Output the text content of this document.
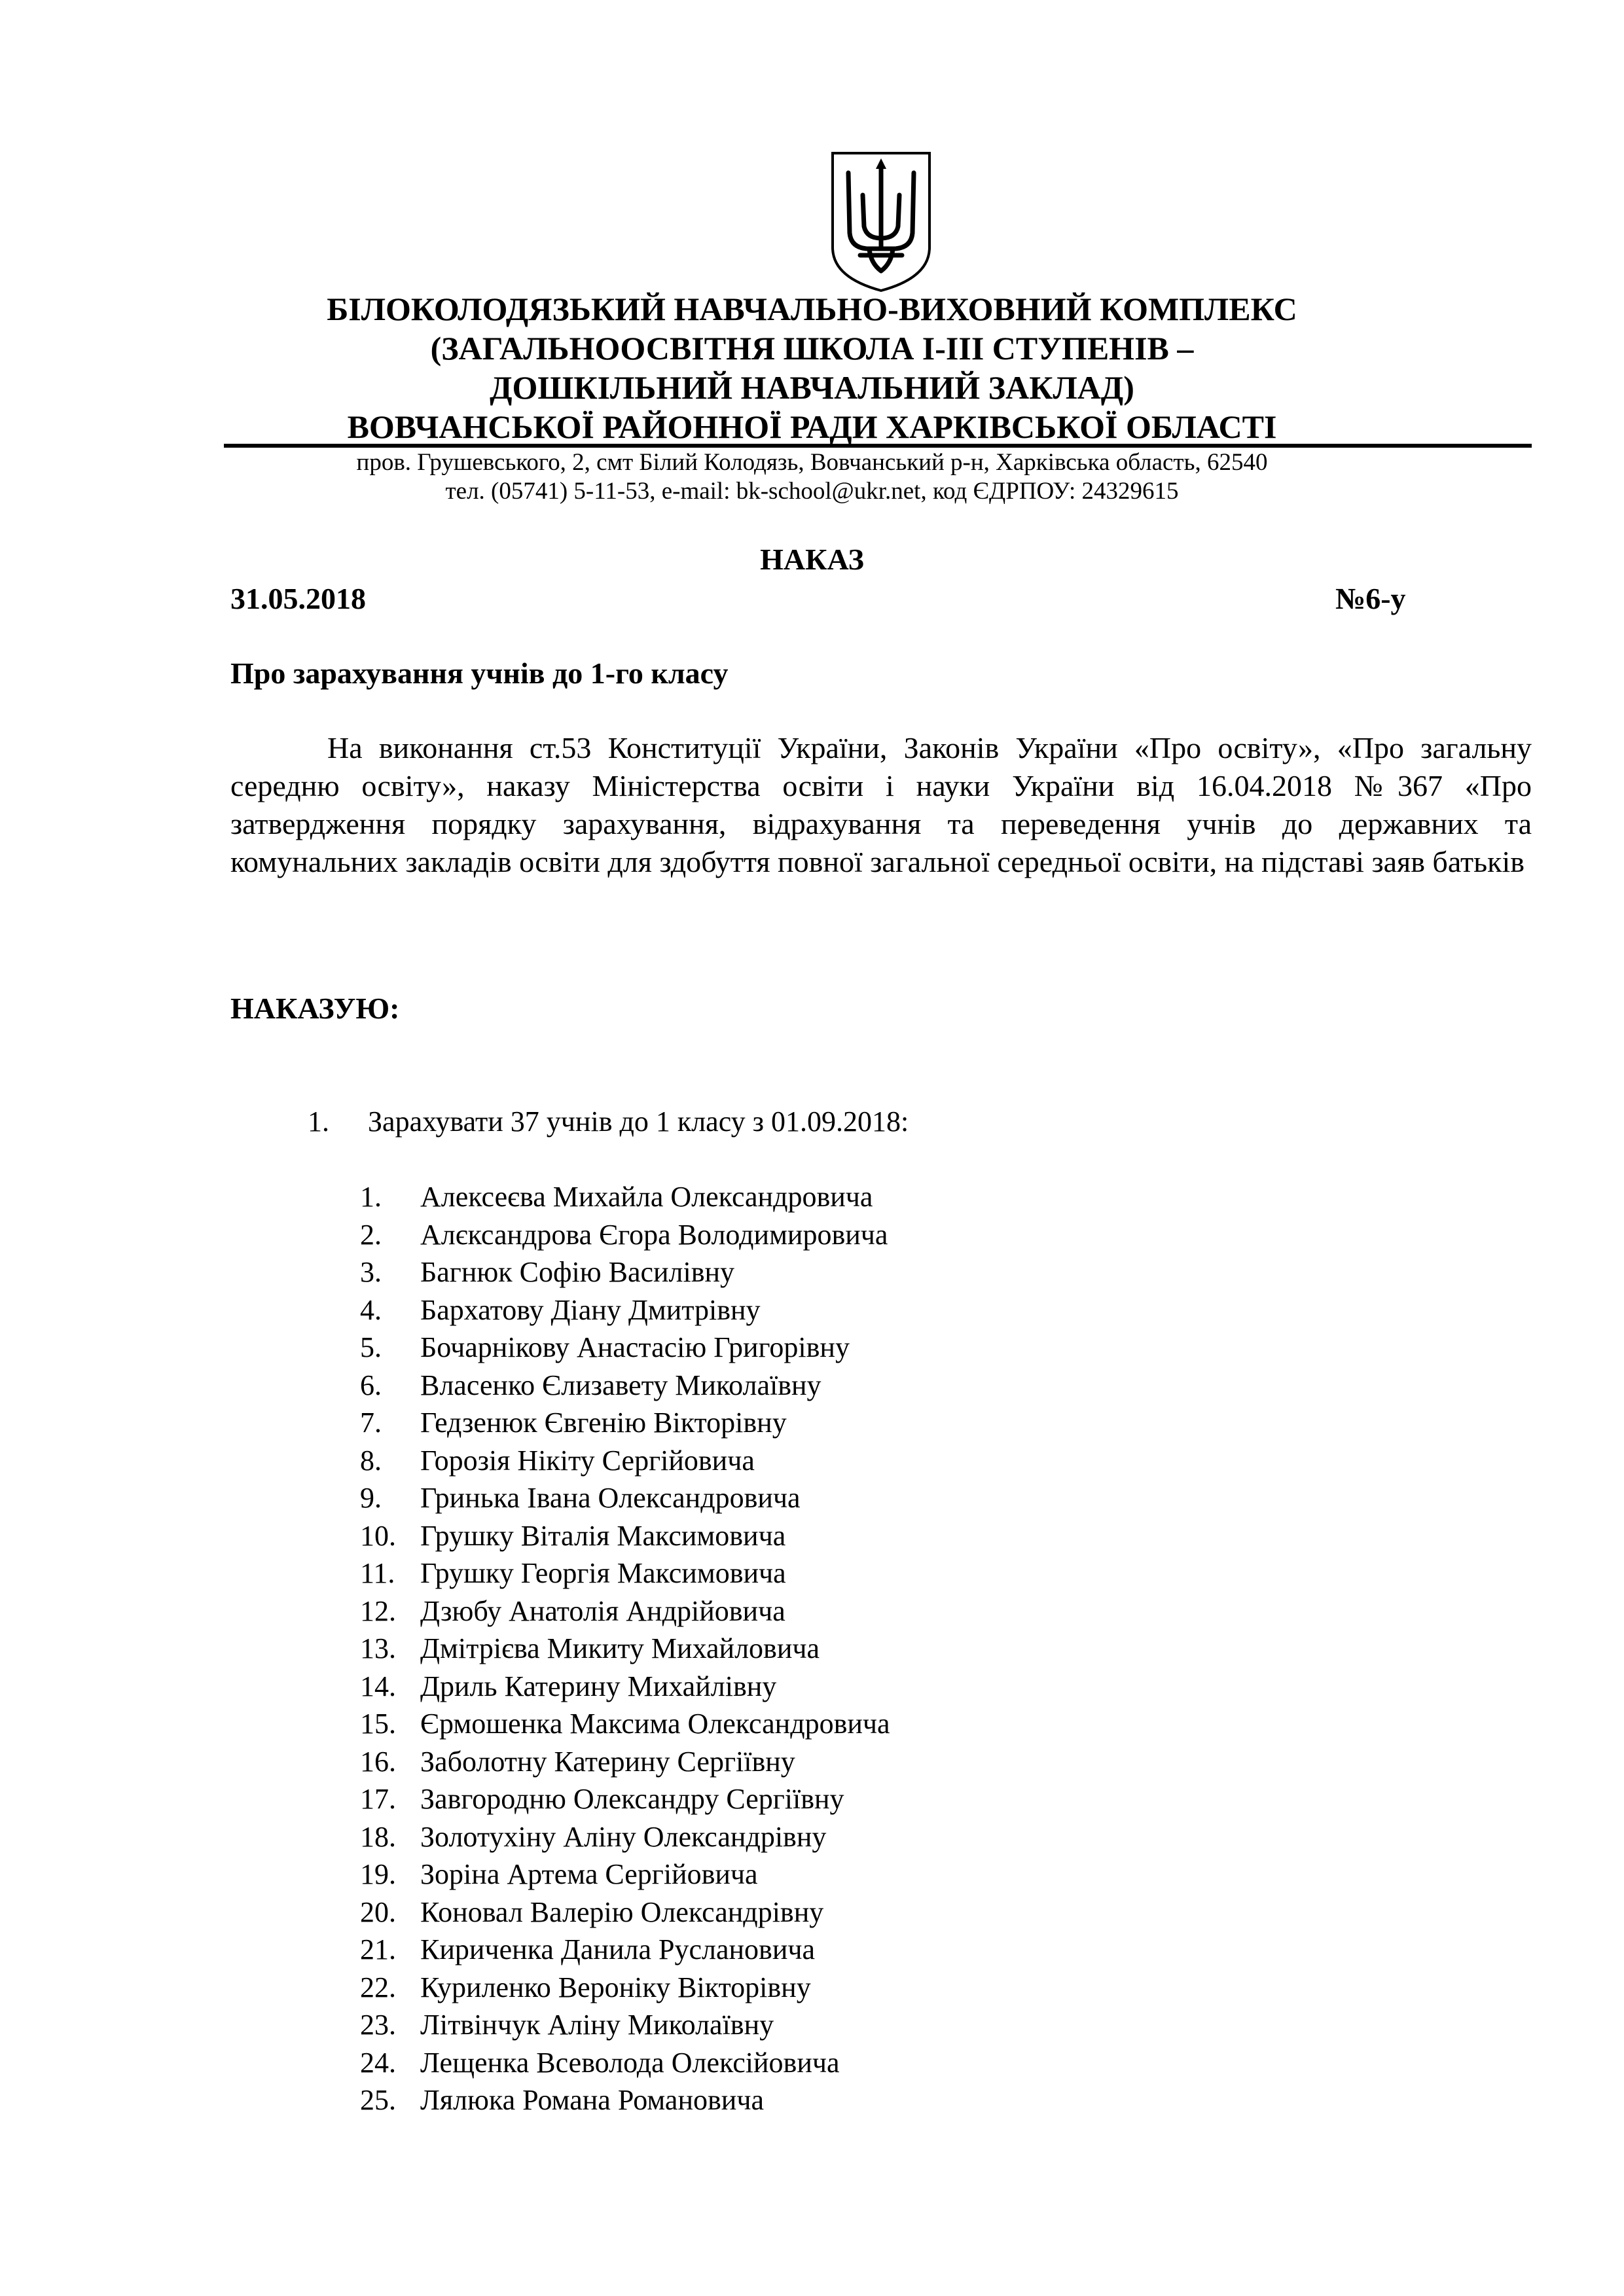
БІЛОКОЛОДЯЗЬКИЙ НАВЧАЛЬНО-ВИХОВНИЙ КОМПЛЕКС
(ЗАГАЛЬНООСВІТНЯ ШКОЛА І-ІІІ СТУПЕНІВ –
ДОШКІЛЬНИЙ НАВЧАЛЬНИЙ ЗАКЛАД)
ВОВЧАНСЬКОЇ РАЙОННОЇ РАДИ ХАРКІВСЬКОЇ ОБЛАСТІ
пров. Грушевського, 2, смт Білий Колодязь, Вовчанський р-н, Харківська область, 62540
тел. (05741) 5-11-53, e-mail: bk-school@ukr.net, код ЄДРПОУ: 24329615
НАКАЗ
31.05.2018	№6-у
Про зарахування учнів до 1-го класу
На виконання ст.53 Конституції України, Законів України «Про освіту», «Про загальну середню освіту», наказу Міністерства освіти і науки України від 16.04.2018 №367 «Про затвердження порядку зарахування, відрахування та переведення учнів до державних та комунальних закладів освіти для здобуття повної загальної середньої освіти, на підставі заяв батьків
НАКАЗУЮ:
1. Зарахувати 37 учнів до 1 класу з 01.09.2018:
1. Алексеєва Михайла Олександровича
2. Алєксандрова Єгора Володимировича
3. Багнюк Софію Василівну
4. Бархатову Діану Дмитрівну
5. Бочарнікову Анастасію Григорівну
6. Власенко Єлизавету Миколаївну
7. Гедзенюк Євгенію Вікторівну
8. Горозія Нікіту Сергійовича
9. Гринька Івана Олександровича
10. Грушку Віталія Максимовича
11. Грушку Георгія Максимовича
12. Дзюбу Анатолія Андрійовича
13. Дмітрієва Микиту Михайловича
14. Дриль Катерину Михайлівну
15. Єрмошенка Максима Олександровича
16. Заболотну Катерину Сергіївну
17. Завгородню Олександру Сергіївну
18. Золотухіну Аліну Олександрівну
19. Зоріна Артема Сергійовича
20. Коновал Валерію Олександрівну
21. Кириченка Данила Руслановича
22. Куриленко Вероніку Вікторівну
23. Літвінчук Аліну Миколаївну
24. Лещенка Всеволода Олексійовича
25. Лялюка Романа Романовича
